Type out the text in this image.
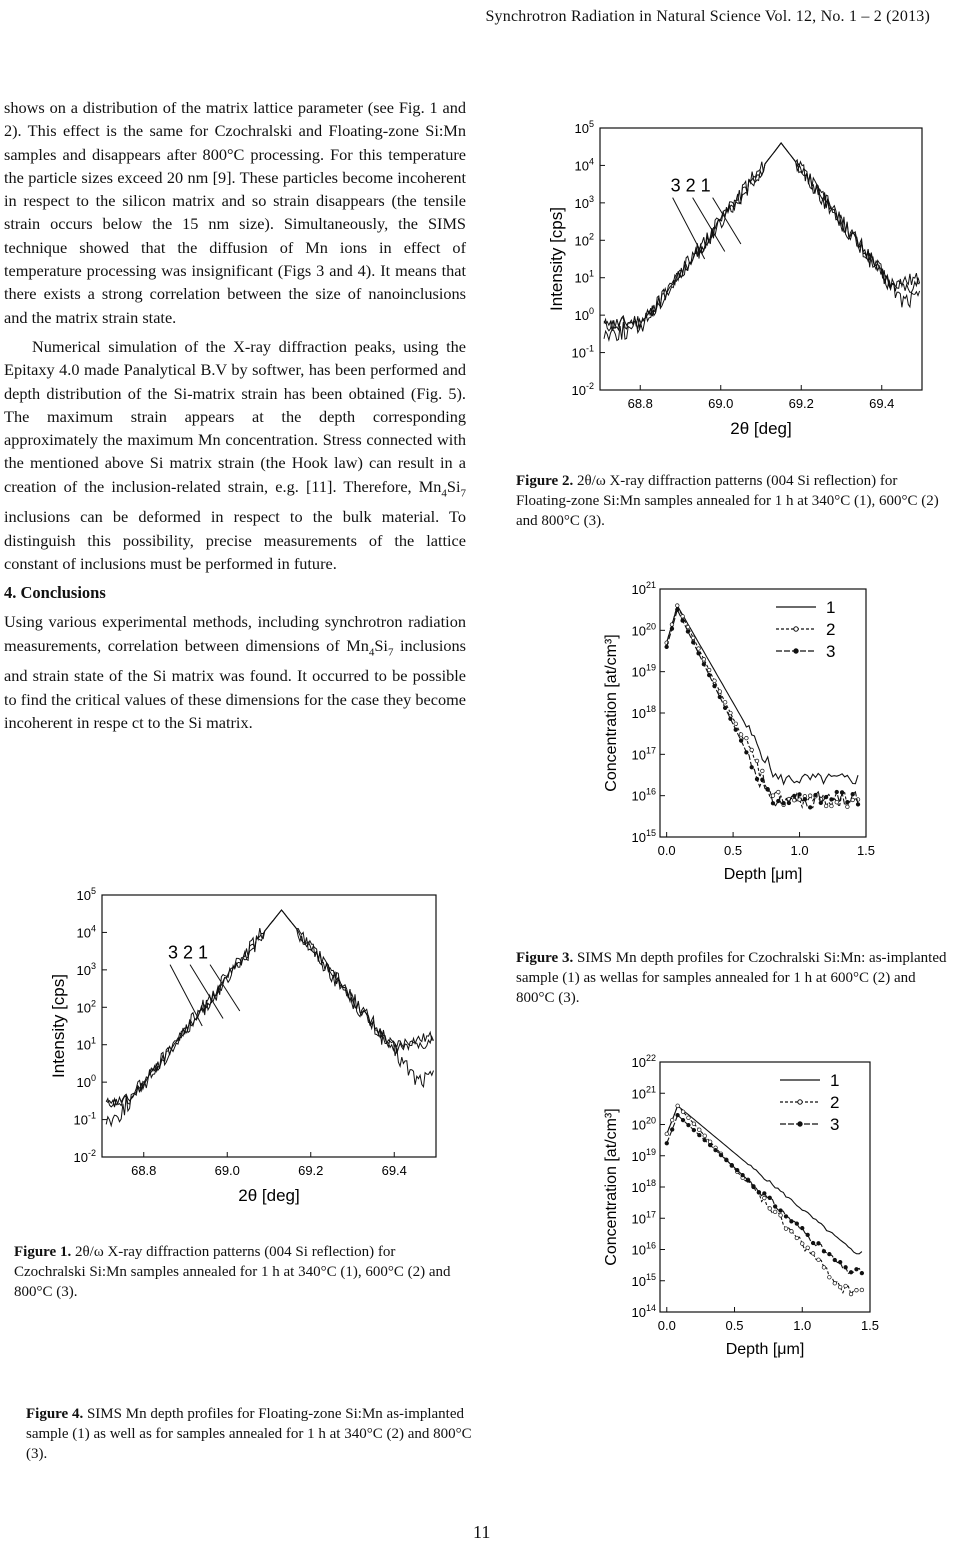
Synchrotron Radiation in Natural Science Vol. 12, No. 1 – 2 (2013)

shows on a distribution of the matrix lattice parameter (see Fig. 1 and 2). This effect is the same for Czochralski and Floating-zone Si:Mn samples and disappears after 800°C processing. For this temperature the particle sizes exceed 20 nm [9]. These particles become incoherent in respect to the silicon matrix and so strain disappears (the tensile strain occurs below the 15 nm size). Simultaneously, the SIMS technique showed that the diffusion of Mn ions in effect of temperature processing was insignificant (Figs 3 and 4). It means that there exists a strong correlation between the size of nanoinclusions and the matrix strain state.

Numerical simulation of the X-ray diffraction peaks, using the Epitaxy 4.0 made Panalytical B.V by softwer, has been performed and depth distribution of the Si-matrix strain has been obtained (Fig. 5). The maximum strain appears at the depth corresponding approximately the maximum Mn concentration. Stress connected with the mentioned above Si matrix strain (the Hook law) can result in a creation of the inclusion-related strain, e.g. [11]. Therefore, $Mn_4Si_7$ inclusions can be deformed in respect to the bulk material. To distinguish this possibility, precise measurements of the lattice constant of inclusions must be performed in future.

4. Conclusions

Using various experimental methods, including synchrotron radiation measurements, correlation between dimensions of $Mn_4Si_7$ inclusions and strain state of the Si matrix was found. It occurred to be possible to find the critical values of these dimensions for the case they become incoherent in respe ct to the Si matrix.

$10^5$
$10^4$
$10^3$
$10^2$
$10^1$
$10^0$
$10^{-1}$
$10^{-2}$
68.8	69.0	69.2	69.4
2θ [deg]
Intensity [cps]
3 2 1
Figure 2. 2θ/ω X-ray diffraction patterns (004 Si reflection) for Floating-zone Si:Mn samples annealed for 1 h at 340°C (1), 600°C (2) and 800°C (3).
$10^{21}$
$10^{20}$
$10^{19}$
$10^{18}$
$10^{17}$
$10^{16}$
$10^{15}$
0.0	0.5	1.0	1.5
Depth [μm]
Concentration [at/cm³]
1
2
3
Figure 3. SIMS Mn depth profiles for Czochralski Si:Mn: as-implanted sample (1) as wellas for samples annealed for 1 h at 600°C (2) and 800°C (3).
$10^5$
$10^4$
$10^3$
$10^2$
$10^1$
$10^0$
$10^{-1}$
$10^{-2}$
68.8	69.0	69.2	69.4
2θ [deg]
Intensity [cps]
3 2 1
Figure 1. 2θ/ω X-ray diffraction patterns (004 Si reflection) for Czochralski Si:Mn samples annealed for 1 h at 340°C (1), 600°C (2) and 800°C (3).
$10^{22}$
$10^{21}$
$10^{20}$
$10^{19}$
$10^{18}$
$10^{17}$
$10^{16}$
$10^{15}$
$10^{14}$
0.0	0.5	1.0	1.5
Depth [μm]
Concentration [at/cm³]
1
2
3
Figure 4. SIMS Mn depth profiles for Floating-zone Si:Mn as-implanted sample (1) as well as for samples annealed for 1 h at 340°C (2) and 800°C (3).
11
